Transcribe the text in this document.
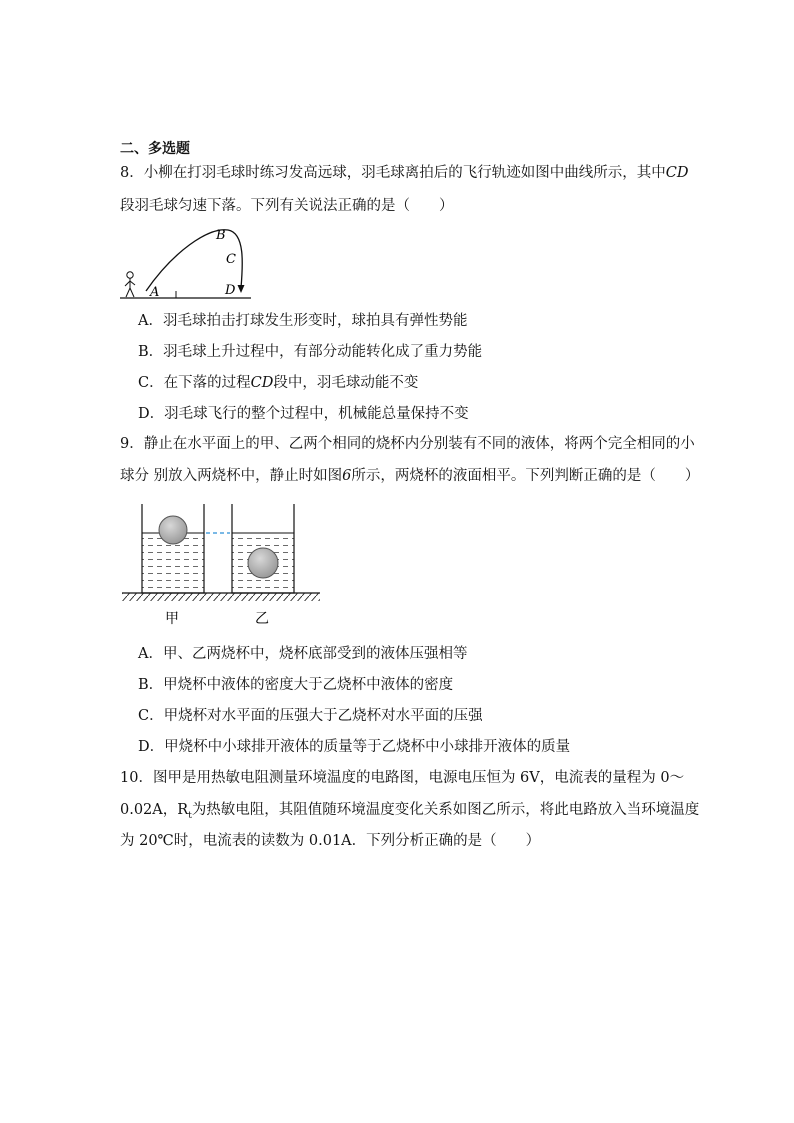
二、多选题
8．小柳在打羽毛球时练习发高远球，羽毛球离拍后的飞行轨迹如图中曲线所示，其中CD
段羽毛球匀速下落。下列有关说法正确的是（　　）
A
B
C
D
A．羽毛球拍击打球发生形变时，球拍具有弹性势能
B．羽毛球上升过程中，有部分动能转化成了重力势能
C．在下落的过程CD段中，羽毛球动能不变
D．羽毛球飞行的整个过程中，机械能总量保持不变
9．静止在水平面上的甲、乙两个相同的烧杯内分别装有不同的液体，将两个完全相同的小
球分 别放入两烧杯中，静止时如图6所示，两烧杯的液面相平。下列判断正确的是（　　）
甲	乙
A．甲、乙两烧杯中，烧杯底部受到的液体压强相等
B．甲烧杯中液体的密度大于乙烧杯中液体的密度
C．甲烧杯对水平面的压强大于乙烧杯对水平面的压强
D．甲烧杯中小球排开液体的质量等于乙烧杯中小球排开液体的质量
10．图甲是用热敏电阻测量环境温度的电路图，电源电压恒为 6V，电流表的量程为 0～
0.02A，$R_t$为热敏电阻，其阻值随环境温度变化关系如图乙所示，将此电路放入当环境温度
为 20℃时，电流表的读数为 0.01A．下列分析正确的是（　　）
